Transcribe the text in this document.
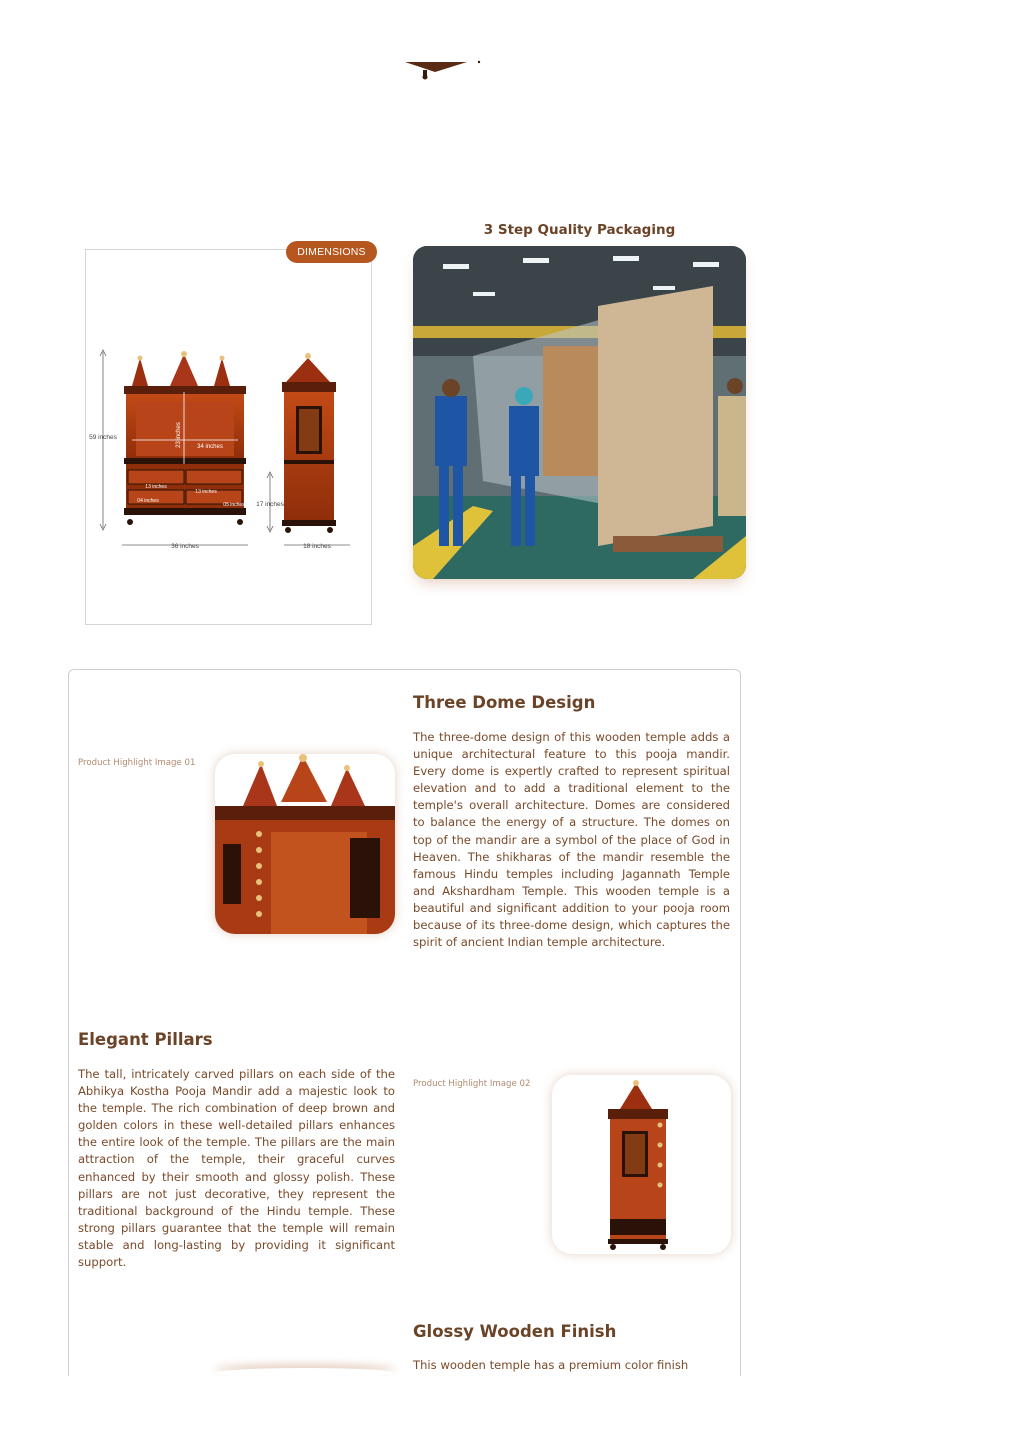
DIMENSIONS
59 inches	23 inches	34 inches
13 inches
13 inches
04 inches
05 inches 17 inches
36 inches	18 inches
3 Step Quality Packaging
Three Dome Design
The three-dome design of this wooden temple adds a unique architectural feature to this pooja mandir. Every dome is expertly crafted to represent spiritual elevation and to add a traditional element to the temple's overall architecture. Domes are considered to balance the energy of a structure. The domes on top of the mandir are a symbol of the place of God in Heaven. The shikharas of the mandir resemble the famous Hindu temples including Jagannath Temple and Akshardham Temple. This wooden temple is a beautiful and significant addition to your pooja room because of its three-dome design, which captures the spirit of ancient Indian temple architecture.
Product Highlight Image 01
Elegant Pillars
The tall, intricately carved pillars on each side of the Abhikya Kostha Pooja Mandir add a majestic look to the temple. The rich combination of deep brown and golden colors in these well-detailed pillars enhances the entire look of the temple. The pillars are the main attraction of the temple, their graceful curves enhanced by their smooth and glossy polish. These pillars are not just decorative, they represent the traditional background of the Hindu temple. These strong pillars guarantee that the temple will remain stable and long-lasting by providing it significant support.
Product Highlight Image 02
Glossy Wooden Finish
This wooden temple has a premium color finish
